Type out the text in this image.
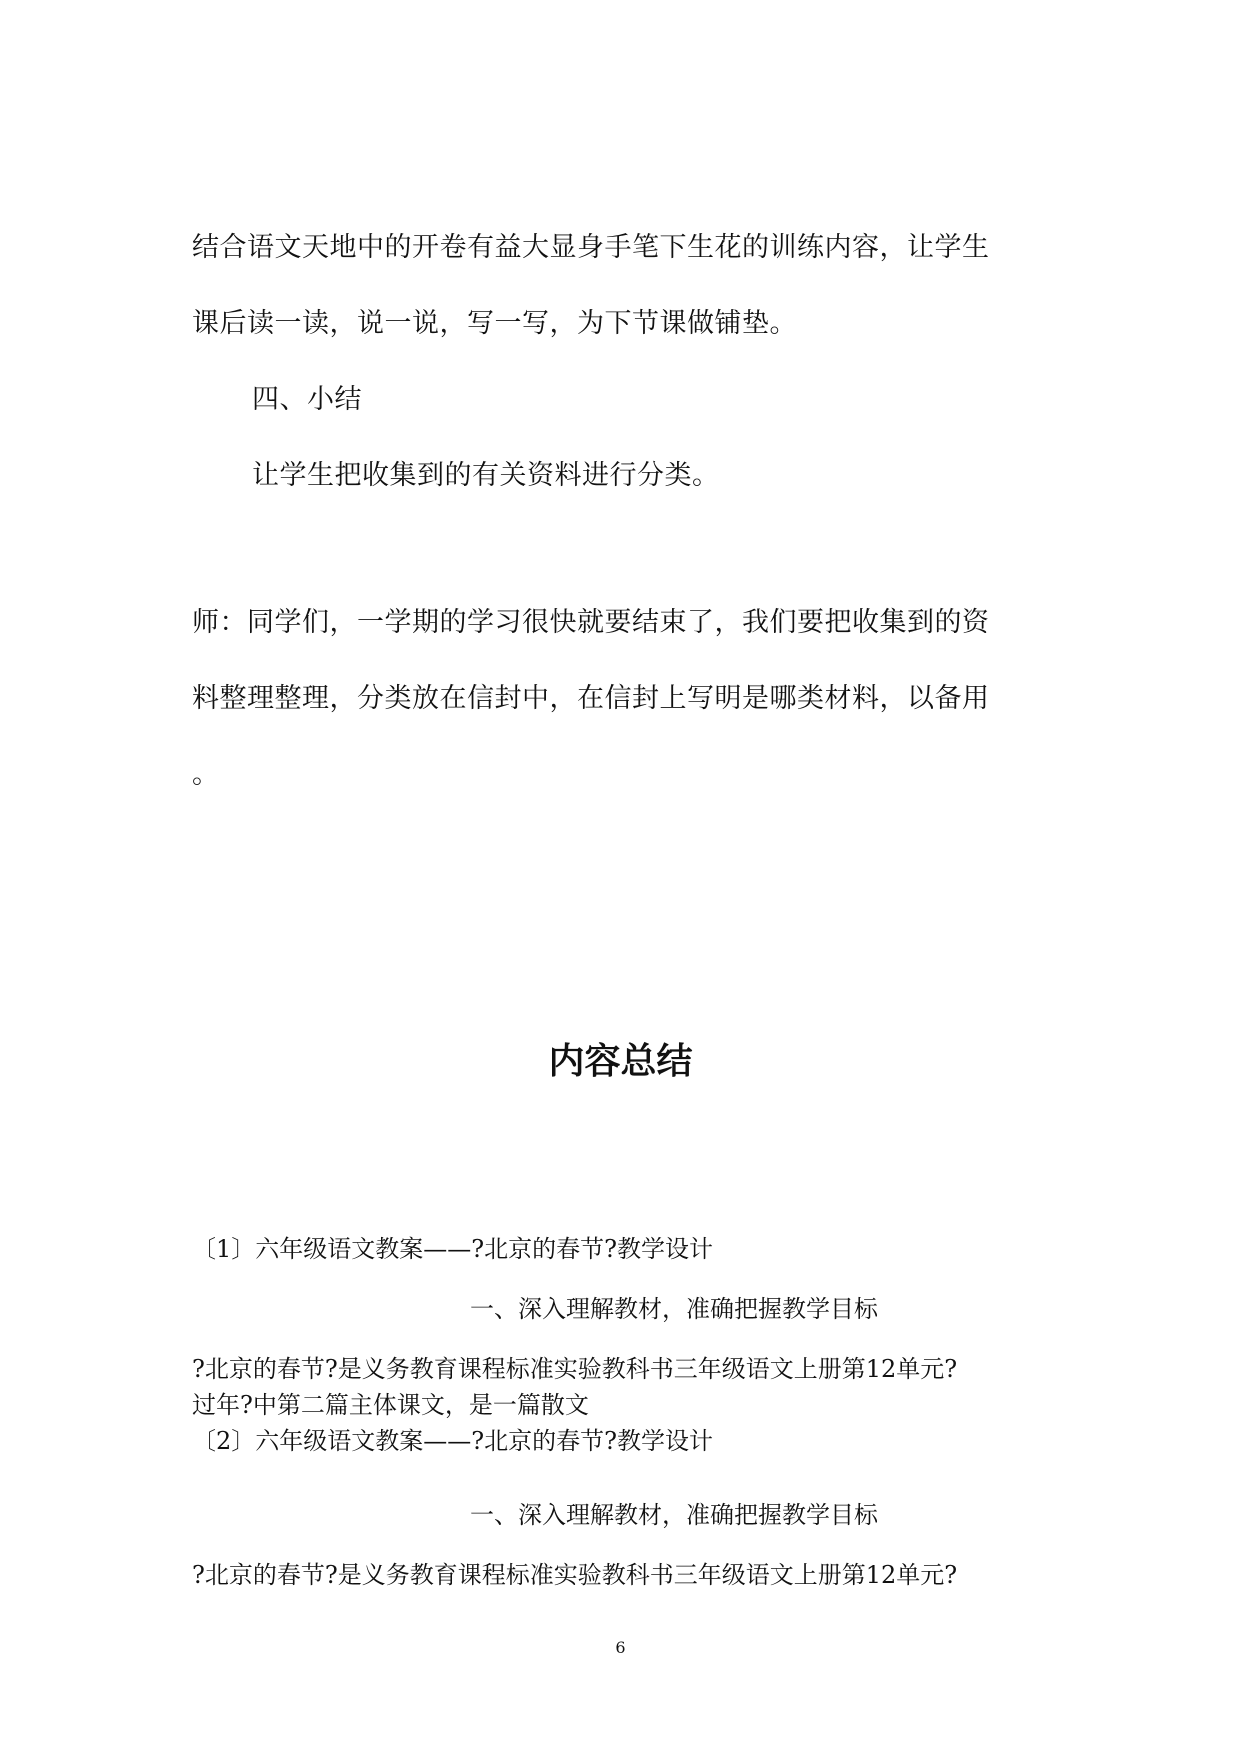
结合语文天地中的开卷有益大显身手笔下生花的训练内容，让学生
课后读一读，说一说，写一写，为下节课做铺垫。
四、小结
让学生把收集到的有关资料进行分类。
师：同学们，一学期的学习很快就要结束了，我们要把收集到的资
料整理整理，分类放在信封中，在信封上写明是哪类材料，以备用
。
内容总结
〔1〕六年级语文教案——?北京的春节?教学设计
一、深入理解教材，准确把握教学目标
?北京的春节?是义务教育课程标准实验教科书三年级语文上册第12单元?
过年?中第二篇主体课文，是一篇散文
〔2〕六年级语文教案——?北京的春节?教学设计
一、深入理解教材，准确把握教学目标
?北京的春节?是义务教育课程标准实验教科书三年级语文上册第12单元?
6
